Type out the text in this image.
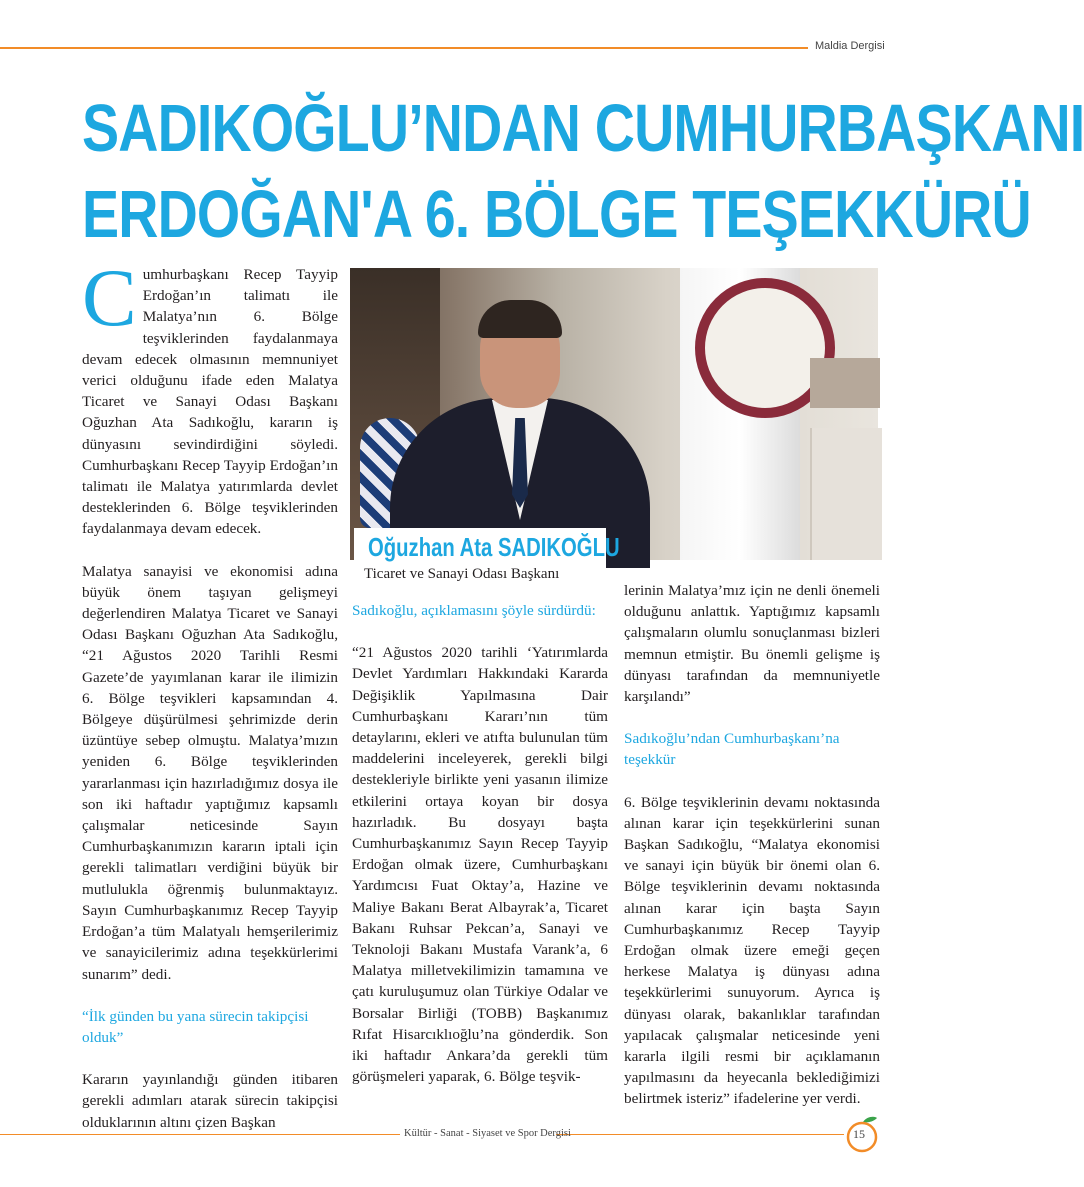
Maldia Dergisi
SADIKOĞLU’NDAN CUMHURBAŞKANI
ERDOĞAN'A 6. BÖLGE TEŞEKKÜRÜ

Cumhurbaşkanı Recep Tayyip Erdoğan’ın talimatı ile Malatya’nın 6. Bölge teşviklerinden faydalanmaya devam edecek olmasının memnuniyet verici olduğunu ifade eden Malatya Ticaret ve Sanayi Odası Başkanı Oğuzhan Ata Sadıkoğlu, kararın iş dünyasını sevindirdiğini söyledi. Cumhurbaşkanı Recep Tayyip Erdoğan’ın talimatı ile Malatya yatırımlarda devlet desteklerinden 6. Bölge teşviklerinden faydalanmaya devam edecek.

Malatya sanayisi ve ekonomisi adına büyük önem taşıyan gelişmeyi değerlendiren Malatya Ticaret ve Sanayi Odası Başkanı Oğuzhan Ata Sadıkoğlu, “21 Ağustos 2020 Tarihli Resmi Gazete’de yayımlanan karar ile ilimizin 6. Bölge teşvikleri kapsamından 4. Bölgeye düşürülmesi şehrimizde derin üzüntüye sebep olmuştu. Malatya’mızın yeniden 6. Bölge teşviklerinden yararlanması için hazırladığımız dosya ile son iki haftadır yaptığımız kapsamlı çalışmalar neticesinde Sayın Cumhurbaşkanımızın kararın iptali için gerekli talimatları verdiğini büyük bir mutlulukla öğrenmiş bulunmaktayız. Sayın Cumhurbaşkanımız Recep Tayyip Erdoğan’a tüm Malatyalı hemşerilerimiz ve sanayicilerimiz adına teşekkürlerimi sunarım” dedi.

“İlk günden bu yana sürecin takipçisi olduk”

Kararın yayınlandığı günden itibaren gerekli adımları atarak sürecin takipçisi olduklarının altını çizen Başkan

Oğuzhan Ata SADIKOĞLU
Ticaret ve Sanayi Odası Başkanı

Sadıkoğlu, açıklamasını şöyle sürdürdü:

“21 Ağustos 2020 tarihli ‘Yatırımlarda Devlet Yardımları Hakkındaki Kararda Değişiklik Yapılmasına Dair Cumhurbaşkanı Kararı’nın tüm detaylarını, ekleri ve atıfta bulunulan tüm maddelerini inceleyerek, gerekli bilgi destekleriyle birlikte yeni yasanın ilimize etkilerini ortaya koyan bir dosya hazırladık. Bu dosyayı başta Cumhurbaşkanımız Sayın Recep Tayyip Erdoğan olmak üzere, Cumhurbaşkanı Yardımcısı Fuat Oktay’a, Hazine ve Maliye Bakanı Berat Albayrak’a, Ticaret Bakanı Ruhsar Pekcan’a, Sanayi ve Teknoloji Bakanı Mustafa Varank’a, 6 Malatya milletvekilimizin tamamına ve çatı kuruluşumuz olan Türkiye Odalar ve Borsalar Birliği (TOBB) Başkanımız Rıfat Hisarcıklıoğlu’na gönderdik. Son iki haftadır Ankara’da gerekli tüm görüşmeleri yaparak, 6. Bölge teşvik-

lerinin Malatya’mız için ne denli önemeli olduğunu anlattık. Yaptığımız kapsamlı çalışmaların olumlu sonuçlanması bizleri memnun etmiştir. Bu önemli gelişme iş dünyası tarafından da memnuniyetle karşılandı”

Sadıkoğlu’ndan Cumhurbaşkanı’na teşekkür

6. Bölge teşviklerinin devamı noktasında alınan karar için teşekkürlerini sunan Başkan Sadıkoğlu, “Malatya ekonomisi ve sanayi için büyük bir önemi olan 6. Bölge teşviklerinin devamı noktasında alınan karar için başta Sayın Cumhurbaşkanımız Recep Tayyip Erdoğan olmak üzere emeği geçen herkese Malatya iş dünyası adına teşekkürlerimi sunuyorum. Ayrıca iş dünyası olarak, bakanlıklar tarafından yapılacak çalışmalar neticesinde yeni kararla ilgili resmi bir açıklamanın yapılmasını da heyecanla beklediğimizi belirtmek isteriz” ifadelerine yer verdi.

Kültür - Sanat - Siyaset ve Spor Dergisi	15
